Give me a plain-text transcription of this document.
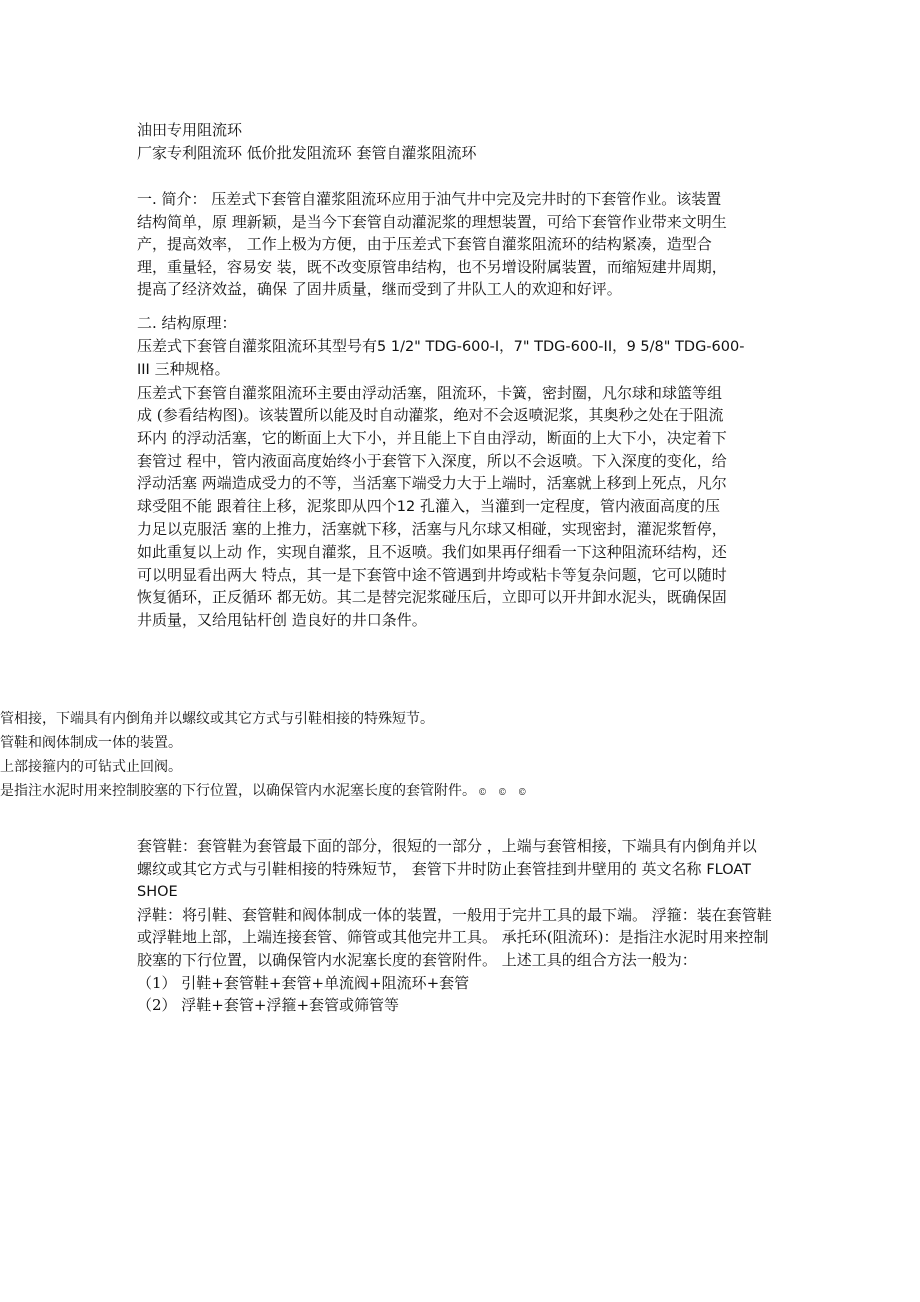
油田专用阻流环
厂家专利阻流环 低价批发阻流环 套管自灌浆阻流环
一. 简介： 压差式下套管自灌浆阻流环应用于油气井中完及完井时的下套管作业。该装置
结构简单，原 理新颖，是当今下套管自动灌泥浆的理想装置，可给下套管作业带来文明生
产，提高效率， 工作上极为方便，由于压差式下套管自灌浆阻流环的结构紧凑，造型合
理，重量轻，容易安 装，既不改变原管串结构，也不另增设附属装置，而缩短建井周期，
提高了经济效益，确保 了固井质量，继而受到了井队工人的欢迎和好评。
二. 结构原理：
压差式下套管自灌浆阻流环其型号有5 1/2" TDG-600-I，7" TDG-600-II，9 5/8" TDG-600-
III 三种规格。
压差式下套管自灌浆阻流环主要由浮动活塞，阻流环，卡簧，密封圈，凡尔球和球篮等组
成 (参看结构图)。该装置所以能及时自动灌浆，绝对不会返喷泥浆，其奥秒之处在于阻流
环内 的浮动活塞，它的断面上大下小，并且能上下自由浮动，断面的上大下小，决定着下
套管过 程中，管内液面高度始终小于套管下入深度，所以不会返喷。下入深度的变化，给
浮动活塞 两端造成受力的不等，当活塞下端受力大于上端时，活塞就上移到上死点，凡尔
球受阻不能 跟着往上移，泥浆即从四个12 孔灌入，当灌到一定程度，管内液面高度的压
力足以克服活 塞的上推力，活塞就下移，活塞与凡尔球又相碰，实现密封，灌泥浆暂停，
如此重复以上动 作，实现自灌浆，且不返喷。我们如果再仔细看一下这种阻流环结构，还
可以明显看出两大 特点，其一是下套管中途不管遇到井垮或粘卡等复杂问题，它可以随时
恢复循环，正反循环 都无妨。其二是替完泥浆碰压后，立即可以开井卸水泥头，既确保固
井质量，又给甩钻杆创 造良好的井口条件。
管相接，下端具有内倒角并以螺纹或其它方式与引鞋相接的特殊短节。
管鞋和阀体制成一体的装置。
上部接箍内的可钻式止回阀。
是指注水泥时用来控制胶塞的下行位置，以确保管内水泥塞长度的套管附件。 © © ©
套管鞋：套管鞋为套管最下面的部分，很短的一部分 ，上端与套管相接，下端具有内倒角并以
螺纹或其它方式与引鞋相接的特殊短节， 套管下井时防止套管挂到井壁用的 英文名称 FLOAT
SHOE
浮鞋：将引鞋、套管鞋和阀体制成一体的装置，一般用于完井工具的最下端。 浮箍：装在套管鞋
或浮鞋地上部，上端连接套管、筛管或其他完井工具。 承托环(阻流环)：是指注水泥时用来控制
胶塞的下行位置，以确保管内水泥塞长度的套管附件。 上述工具的组合方法一般为：
（1） 引鞋+套管鞋+套管+单流阀+阻流环+套管
（2） 浮鞋+套管+浮箍+套管或筛管等
